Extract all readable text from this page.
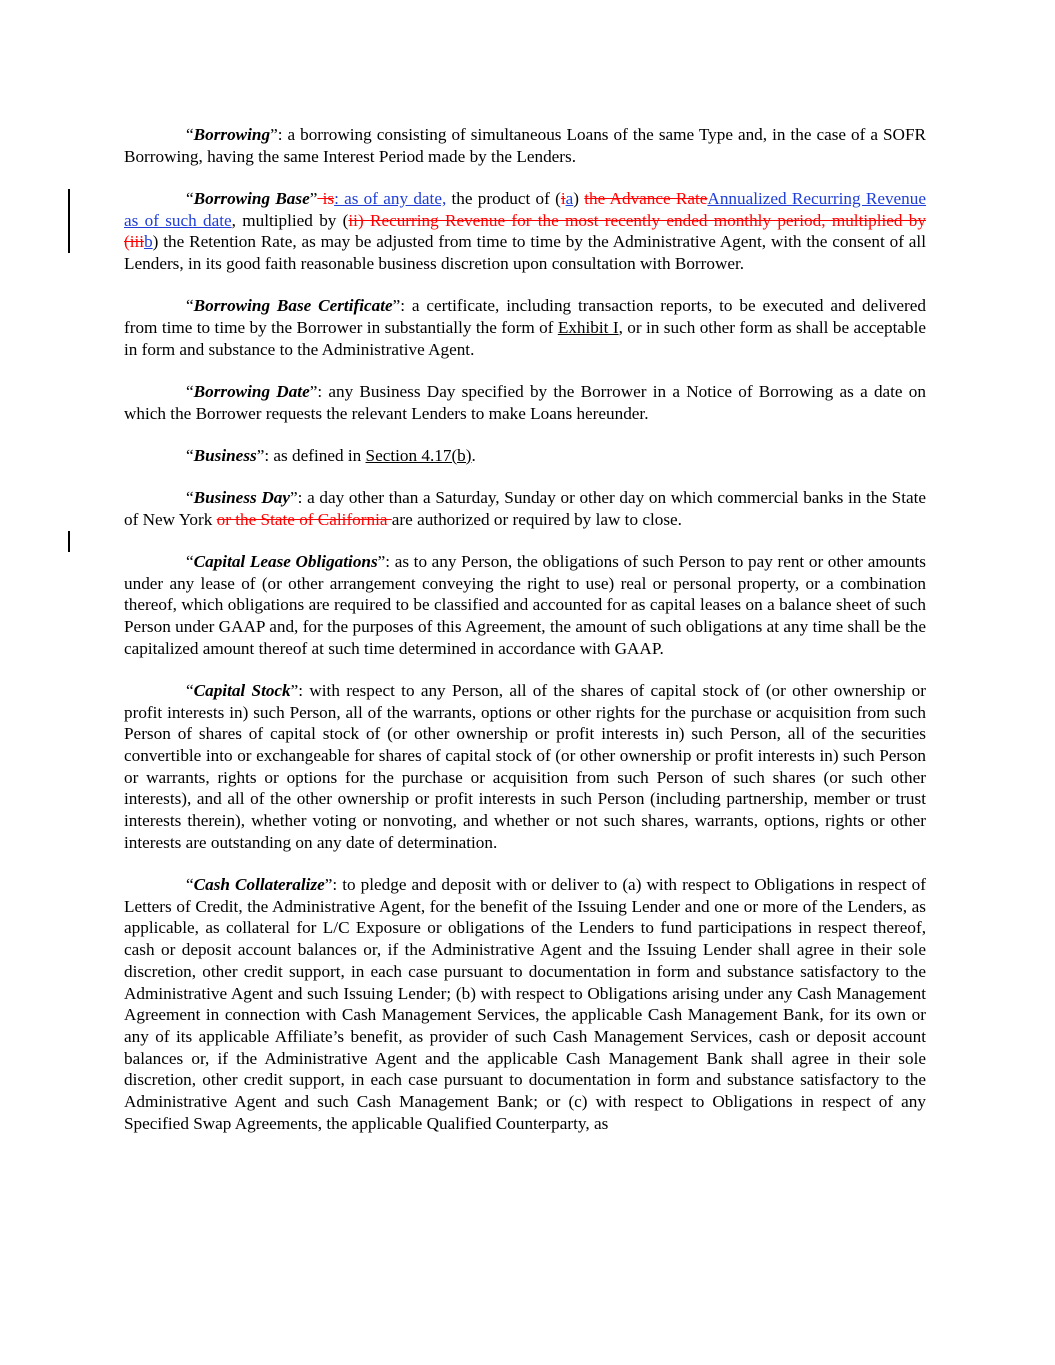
“Borrowing”: a borrowing consisting of simultaneous Loans of the same Type and, in the case of a SOFR Borrowing, having the same Interest Period made by the Lenders.

“Borrowing Base” is: as of any date, the product of (ia) the Advance RateAnnualized Recurring Revenue as of such date, multiplied by (ii) Recurring Revenue for the most recently ended monthly period, multiplied by (iiib) the Retention Rate, as may be adjusted from time to time by the Administrative Agent, with the consent of all Lenders, in its good faith reasonable business discretion upon consultation with Borrower.

“Borrowing Base Certificate”: a certificate, including transaction reports, to be executed and delivered from time to time by the Borrower in substantially the form of Exhibit I, or in such other form as shall be acceptable in form and substance to the Administrative Agent.

“Borrowing Date”: any Business Day specified by the Borrower in a Notice of Borrowing as a date on which the Borrower requests the relevant Lenders to make Loans hereunder.

“Business”: as defined in Section 4.17(b).

“Business Day”: a day other than a Saturday, Sunday or other day on which commercial banks in the State of New York or the State of California are authorized or required by law to close.

“Capital Lease Obligations”: as to any Person, the obligations of such Person to pay rent or other amounts under any lease of (or other arrangement conveying the right to use) real or personal property, or a combination thereof, which obligations are required to be classified and accounted for as capital leases on a balance sheet of such Person under GAAP and, for the purposes of this Agreement, the amount of such obligations at any time shall be the capitalized amount thereof at such time determined in accordance with GAAP.

“Capital Stock”: with respect to any Person, all of the shares of capital stock of (or other ownership or profit interests in) such Person, all of the warrants, options or other rights for the purchase or acquisition from such Person of shares of capital stock of (or other ownership or profit interests in) such Person, all of the securities convertible into or exchangeable for shares of capital stock of (or other ownership or profit interests in) such Person or warrants, rights or options for the purchase or acquisition from such Person of such shares (or such other interests), and all of the other ownership or profit interests in such Person (including partnership, member or trust interests therein), whether voting or nonvoting, and whether or not such shares, warrants, options, rights or other interests are outstanding on any date of determination.

“Cash Collateralize”: to pledge and deposit with or deliver to (a) with respect to Obligations in respect of Letters of Credit, the Administrative Agent, for the benefit of the Issuing Lender and one or more of the Lenders, as applicable, as collateral for L/C Exposure or obligations of the Lenders to fund participations in respect thereof, cash or deposit account balances or, if the Administrative Agent and the Issuing Lender shall agree in their sole discretion, other credit support, in each case pursuant to documentation in form and substance satisfactory to the Administrative Agent and such Issuing Lender; (b) with respect to Obligations arising under any Cash Management Agreement in connection with Cash Management Services, the applicable Cash Management Bank, for its own or any of its applicable Affiliate’s benefit, as provider of such Cash Management Services, cash or deposit account balances or, if the Administrative Agent and the applicable Cash Management Bank shall agree in their sole discretion, other credit support, in each case pursuant to documentation in form and substance satisfactory to the Administrative Agent and such Cash Management Bank; or (c) with respect to Obligations in respect of any Specified Swap Agreements, the applicable Qualified Counterparty, as
